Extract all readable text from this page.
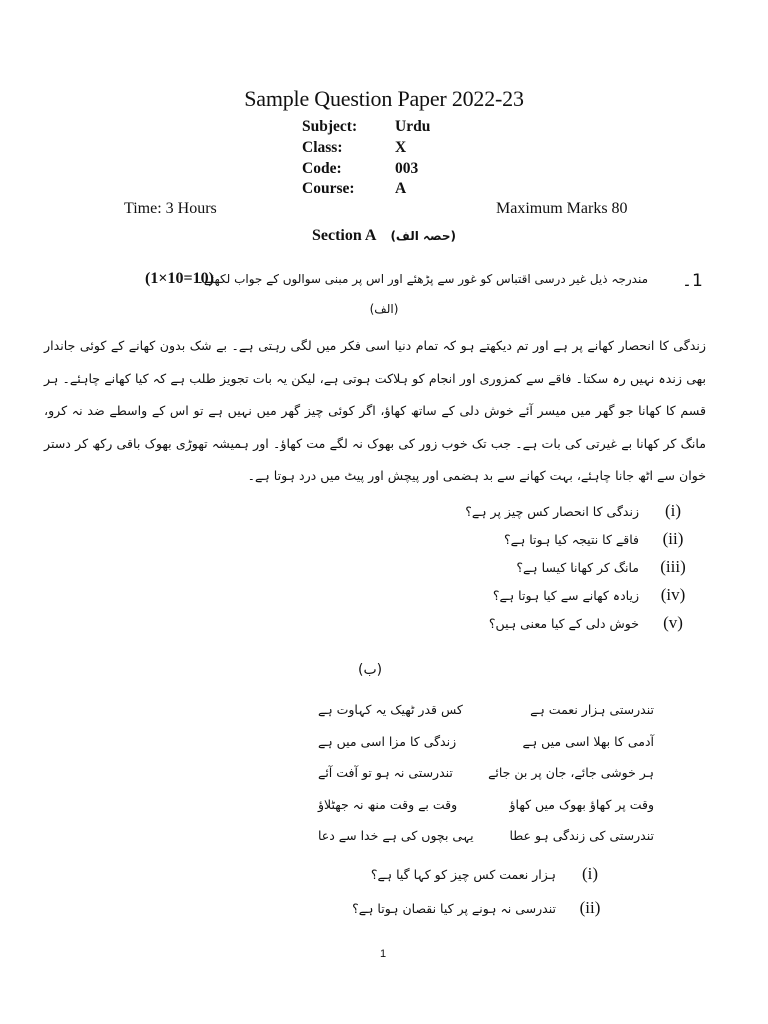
Sample Question Paper 2022-23
Subject: Urdu
Class:	X
Code:	003
Course:	A
Time: 3 Hours	Maximum Marks 80
Section A (حصہ الف)
1۔
مندرجہ ذیل غیر درسی اقتباس کو غور سے پڑھئے اور اس پر مبنی سوالوں کے جواب لکھئے۔
(1×10=10)
(الف)
زندگی کا انحصار کھانے پر ہے اور تم دیکھتے ہو کہ تمام دنیا اسی فکر میں لگی رہتی ہے۔ بے شک بدون کھانے کے کوئی جاندار بھی زندہ نہیں رہ سکتا۔ فاقے سے کمزوری اور انجام کو ہلاکت ہوتی ہے، لیکن یہ بات تجویز طلب ہے کہ کیا کھانے چاہئے۔ ہر قسم کا کھانا جو گھر میں میسر آئے خوش دلی کے ساتھ کھاؤ، اگر کوئی چیز گھر میں نہیں ہے تو اس کے واسطے ضد نہ کرو، مانگ کر کھانا بے غیرتی کی بات ہے۔ جب تک خوب زور کی بھوک نہ لگے مت کھاؤ۔ اور ہمیشہ تھوڑی بھوک باقی رکھ کر دستر خوان سے اٹھ جانا چاہئے، بہت کھانے سے بد ہضمی اور پیچش اور پیٹ میں درد ہوتا ہے۔
(i)زندگی کا انحصار کس چیز پر ہے؟
(ii)فاقے کا نتیجہ کیا ہوتا ہے؟
(iii)مانگ کر کھانا کیسا ہے؟
(iv)زیادہ کھانے سے کیا ہوتا ہے؟
(v)خوش دلی کے کیا معنی ہیں؟
(ب)
کس قدر ٹھیک یہ کہاوت ہے	تندرستی ہزار نعمت ہے
زندگی کا مزا اسی میں ہے	آدمی کا بھلا اسی میں ہے
تندرستی نہ ہو تو آفت آئے	ہر خوشی جائے، جان پر بن جائے
وقت بے وقت منھ نہ جھٹلاؤ	وقت پر کھاؤ بھوک میں کھاؤ
یہی بچوں کی ہے خدا سے دعا	تندرستی کی زندگی ہو عطا
(i)ہزار نعمت کس چیز کو کہا گیا ہے؟
(ii)تندرسی نہ ہونے پر کیا نقصان ہوتا ہے؟
1
